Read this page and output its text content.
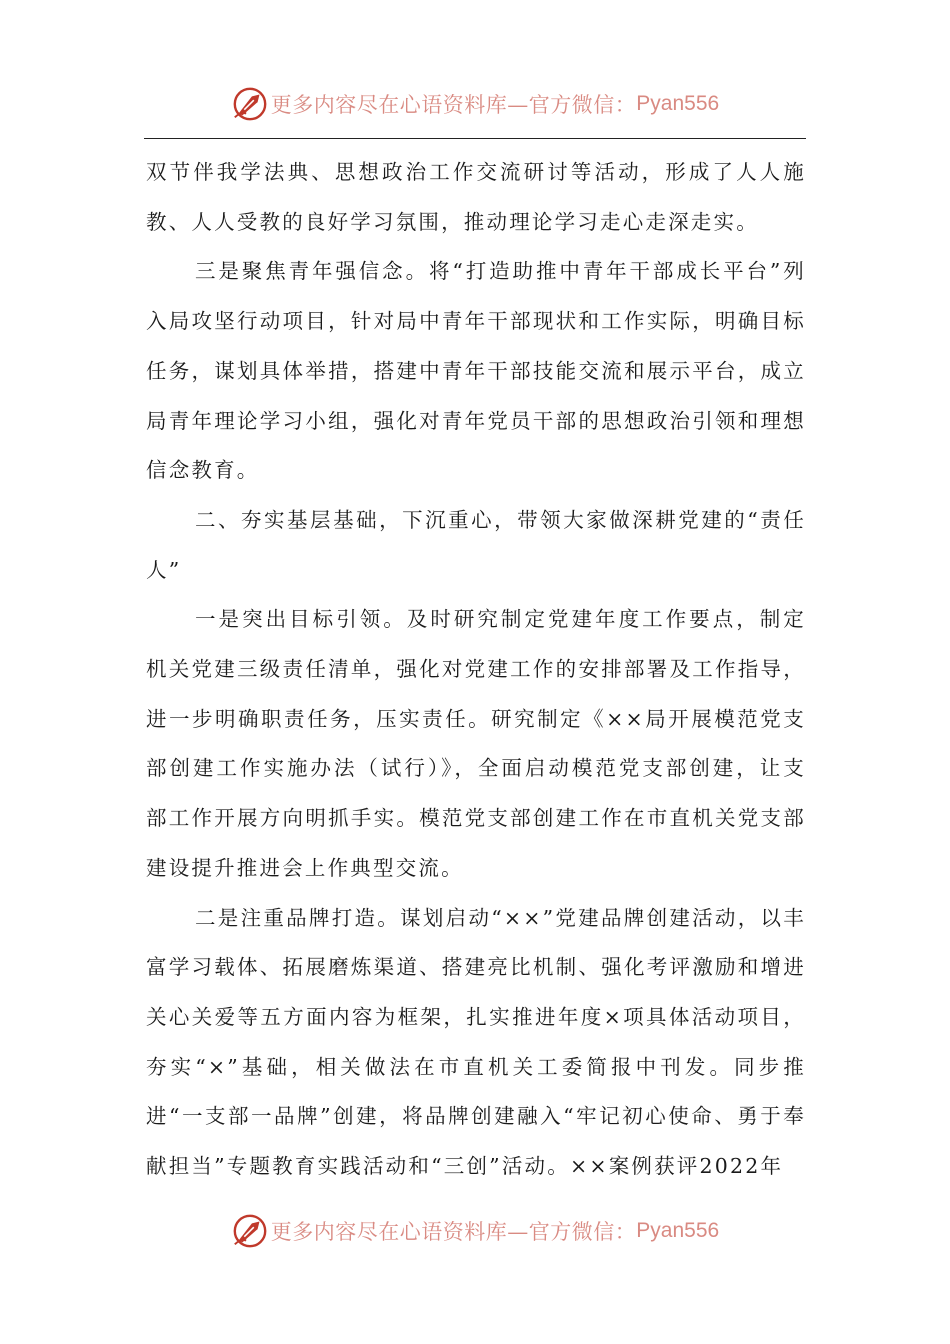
更多内容尽在心语资料库—官方微信： Pyan556

双节伴我学法典、思想政治工作交流研讨等活动，形成了人人施教、人人受教的良好学习氛围，推动理论学习走心走深走实。

三是聚焦青年强信念。将“打造助推中青年干部成长平台”列入局攻坚行动项目，针对局中青年干部现状和工作实际，明确目标任务，谋划具体举措，搭建中青年干部技能交流和展示平台，成立局青年理论学习小组，强化对青年党员干部的思想政治引领和理想信念教育。

二、夯实基层基础，下沉重心，带领大家做深耕党建的“责任人”

一是突出目标引领。及时研究制定党建年度工作要点，制定机关党建三级责任清单，强化对党建工作的安排部署及工作指导，进一步明确职责任务，压实责任。研究制定《××局开展模范党支部创建工作实施办法（试行）》，全面启动模范党支部创建，让支部工作开展方向明抓手实。模范党支部创建工作在市直机关党支部建设提升推进会上作典型交流。

二是注重品牌打造。谋划启动“××”党建品牌创建活动，以丰富学习载体、拓展磨炼渠道、搭建亮比机制、强化考评激励和增进关心关爱等五方面内容为框架，扎实推进年度×项具体活动项目，夯实“×”基础，相关做法在市直机关工委简报中刊发。同步推进“一支部一品牌”创建，将品牌创建融入“牢记初心使命、勇于奉献担当”专题教育实践活动和“三创”活动。××案例获评2022年

更多内容尽在心语资料库—官方微信： Pyan556
